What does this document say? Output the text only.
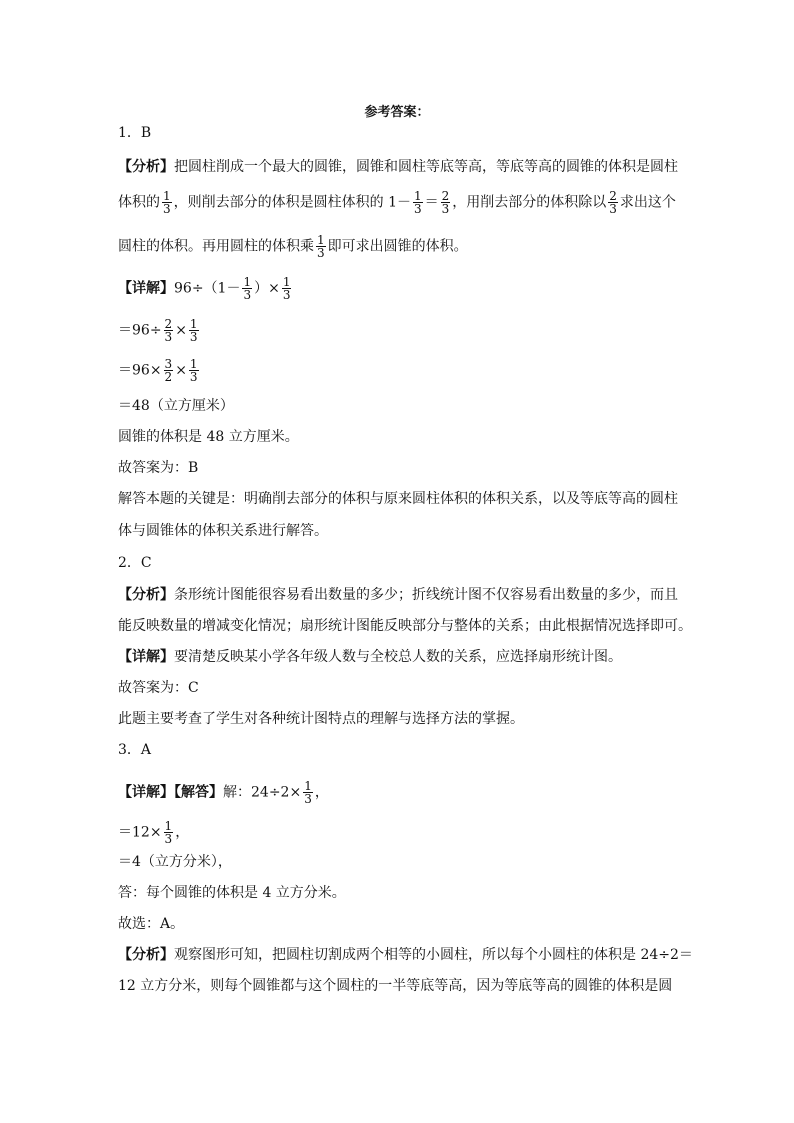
参考答案：
1．B
【分析】把圆柱削成一个最大的圆锥，圆锥和圆柱等底等高，等底等高的圆锥的体积是圆柱
体积的 $\frac{1}{3}$ ，则削去部分的体积是圆柱体积的 $1- \frac{1}{3} = \frac{2}{3}$ ，用削去部分的体积除以 $\frac{2}{3}$ 求出这个
圆柱的体积。再用圆柱的体积乘 $\frac{1}{3}$ 即可求出圆锥的体积。
【详解】$96\div(1- \frac{1}{3}$ ）× $\frac{1}{3}$
$=96\div \frac{2}{3} \times \frac{1}{3}$
$=96\times \frac{3}{2} \times \frac{1}{3}$
＝48（立方厘米）
圆锥的体积是 48 立方厘米。
故答案为：B
解答本题的关键是：明确削去部分的体积与原来圆柱体积的体积关系，以及等底等高的圆柱
体与圆锥体的体积关系进行解答。
2．C
【分析】条形统计图能很容易看出数量的多少；折线统计图不仅容易看出数量的多少，而且
能反映数量的增减变化情况；扇形统计图能反映部分与整体的关系；由此根据情况选择即可。
【详解】要清楚反映某小学各年级人数与全校总人数的关系，应选择扇形统计图。
故答案为：C
此题主要考查了学生对各种统计图特点的理解与选择方法的掌握。
3．A
【详解】【解答】解：$24\div 2\times \frac{1}{3}$ ，
$=12\times \frac{1}{3}$ ，
＝4（立方分米），
答：每个圆锥的体积是 4 立方分米。
故选：A。
【分析】观察图形可知，把圆柱切割成两个相等的小圆柱，所以每个小圆柱的体积是 24÷2＝
12 立方分米，则每个圆锥都与这个圆柱的一半等底等高，因为等底等高的圆锥的体积是圆
